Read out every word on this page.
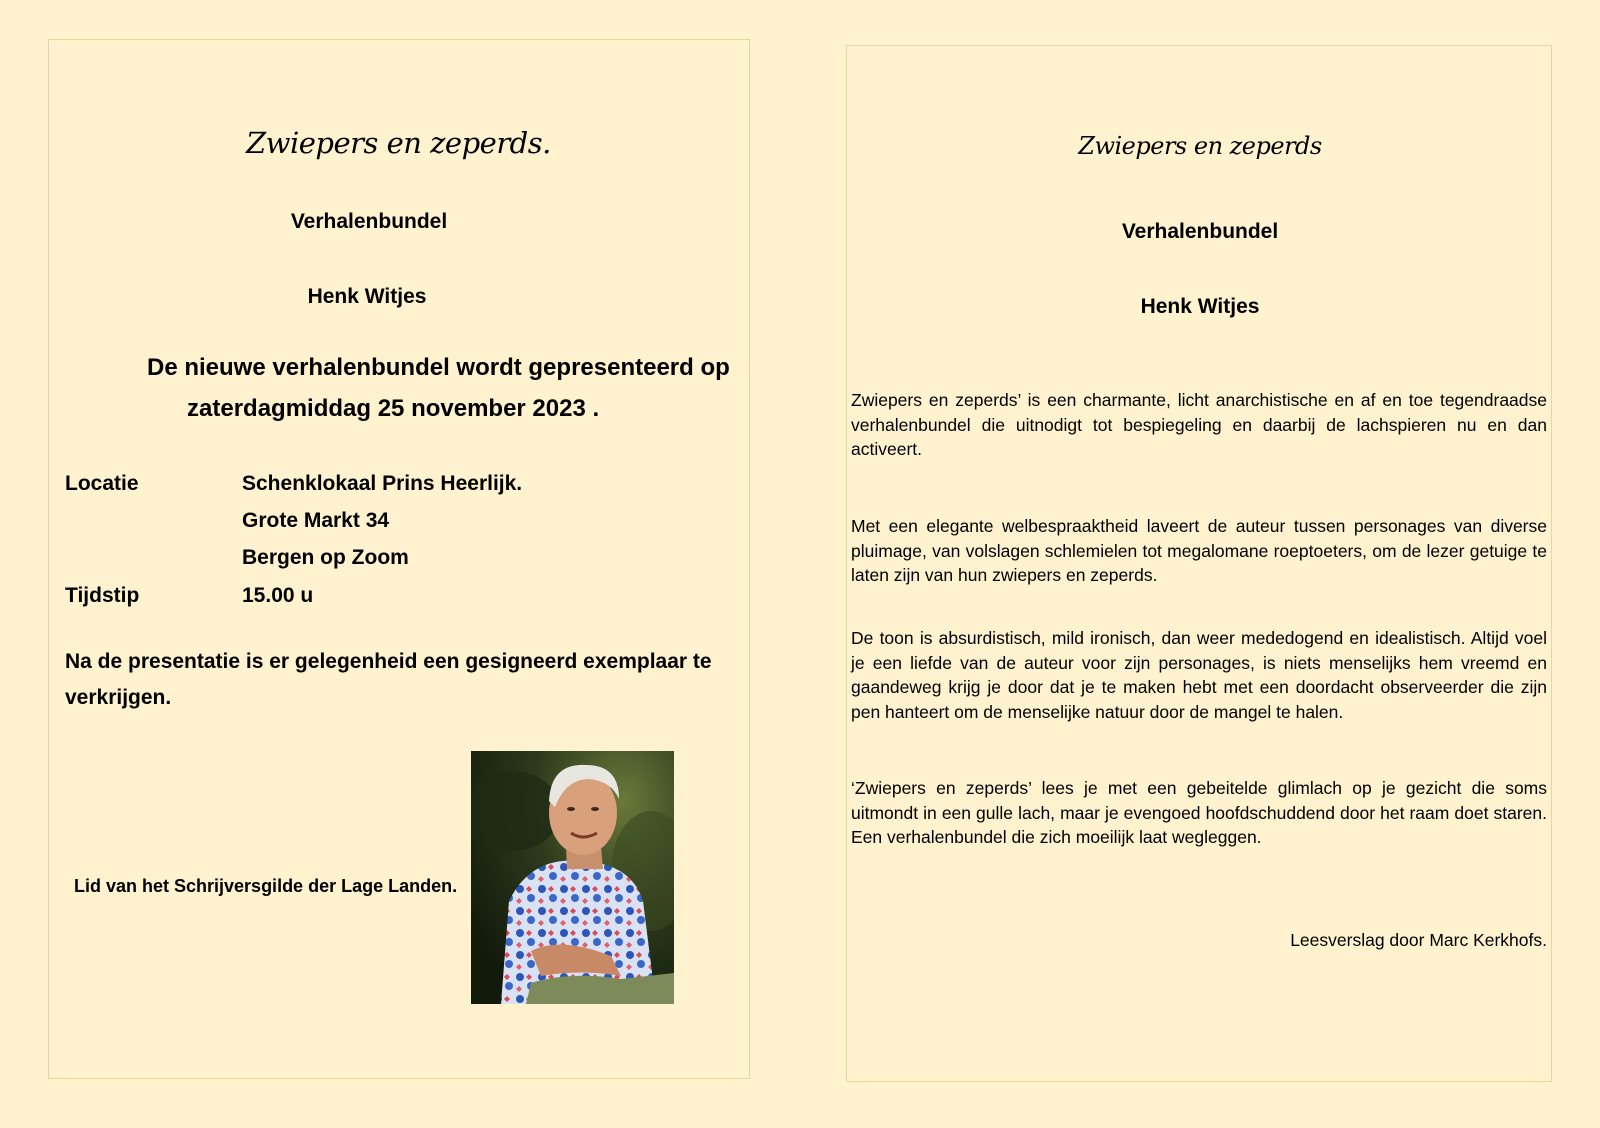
Zwiepers en zeperds.

Verhalenbundel

Henk Witjes

De nieuwe verhalenbundel wordt gepresenteerd op

zaterdagmiddag 25 november 2023 .

Locatie	Schenklokaal Prins Heerlijk.

Grote Markt 34

Bergen op Zoom

Tijdstip	15.00 u

Na de presentatie is er gelegenheid een gesigneerd exemplaar te verkrijgen.

Lid van het Schrijversgilde der Lage Landen.

Zwiepers en zeperds

Verhalenbundel

Henk Witjes

Zwiepers en zeperds’ is een charmante, licht anarchistische en af en toe tegendraadse verhalenbundel die uitnodigt tot bespiegeling en daarbij de lachspieren nu en dan activeert.

Met een elegante welbespraaktheid laveert de auteur tussen personages van diverse pluimage, van volslagen schlemielen tot megalomane roeptoeters, om de lezer getuige te laten zijn van hun zwiepers en zeperds.

De toon is absurdistisch, mild ironisch, dan weer mededogend en idealistisch. Altijd voel je een liefde van de auteur voor zijn personages, is niets menselijks hem vreemd en gaandeweg krijg je door dat je te maken hebt met een doordacht observeerder die zijn pen hanteert om de menselijke natuur door de mangel te halen.

‘Zwiepers en zeperds’ lees je met een gebeitelde glimlach op je gezicht die soms uitmondt in een gulle lach, maar je evengoed hoofdschuddend door het raam doet staren. Een verhalenbundel die zich moeilijk laat wegleggen.

Leesverslag door Marc Kerkhofs.
